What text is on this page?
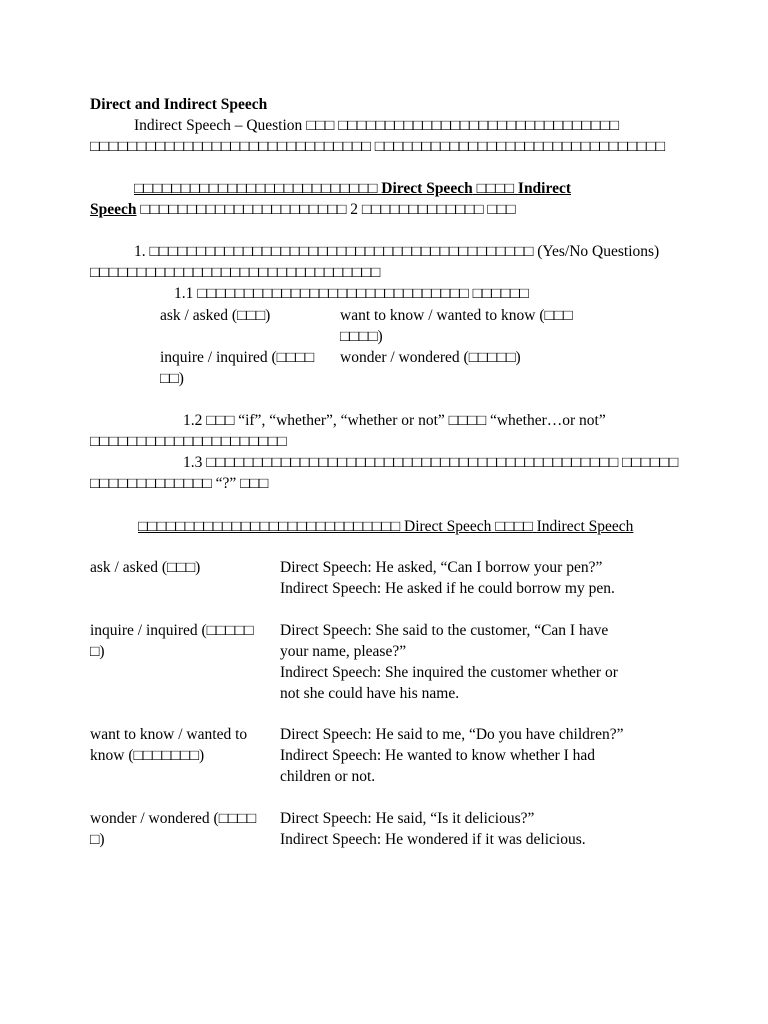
Direct and Indirect Speech
Indirect Speech – Question □□□ □□□□□□□□□□□□□□□□□□□□□□□□□□□□□□
□□□□□□□□□□□□□□□□□□□□□□□□□□□□□□ □□□□□□□□□□□□□□□□□□□□□□□□□□□□□□□
□□□□□□□□□□□□□□□□□□□□□□□□□□ Direct Speech □□□□ Indirect
Speech □□□□□□□□□□□□□□□□□□□□□□ 2 □□□□□□□□□□□□□ □□□
1. □□□□□□□□□□□□□□□□□□□□□□□□□□□□□□□□□□□□□□□□□ (Yes/No Questions)
□□□□□□□□□□□□□□□□□□□□□□□□□□□□□□□
1.1 □□□□□□□□□□□□□□□□□□□□□□□□□□□□□ □□□□□□
ask / asked (□□□)	want to know / wanted to know (□□□
□□□□)
inquire / inquired (□□□□
□□)
wonder / wondered (□□□□□)
1.2 □□□ “if”, “whether”, “whether or not” □□□□ “whether…or not”
□□□□□□□□□□□□□□□□□□□□□
1.3 □□□□□□□□□□□□□□□□□□□□□□□□□□□□□□□□□□□□□□□□□□□□ □□□□□□
□□□□□□□□□□□□□ “?” □□□
□□□□□□□□□□□□□□□□□□□□□□□□□□□□ Direct Speech □□□□ Indirect Speech
ask / asked (□□□)	Direct Speech: He asked, “Can I borrow your pen?”
Indirect Speech: He asked if he could borrow my pen.
inquire / inquired (□□□□□
□)
Direct Speech: She said to the customer, “Can I have
your name, please?”
Indirect Speech: She inquired the customer whether or
not she could have his name.
want to know / wanted to
know (□□□□□□□)
Direct Speech: He said to me, “Do you have children?”
Indirect Speech: He wanted to know whether I had
children or not.
wonder / wondered (□□□□
□)
Direct Speech: He said, “Is it delicious?”
Indirect Speech: He wondered if it was delicious.
